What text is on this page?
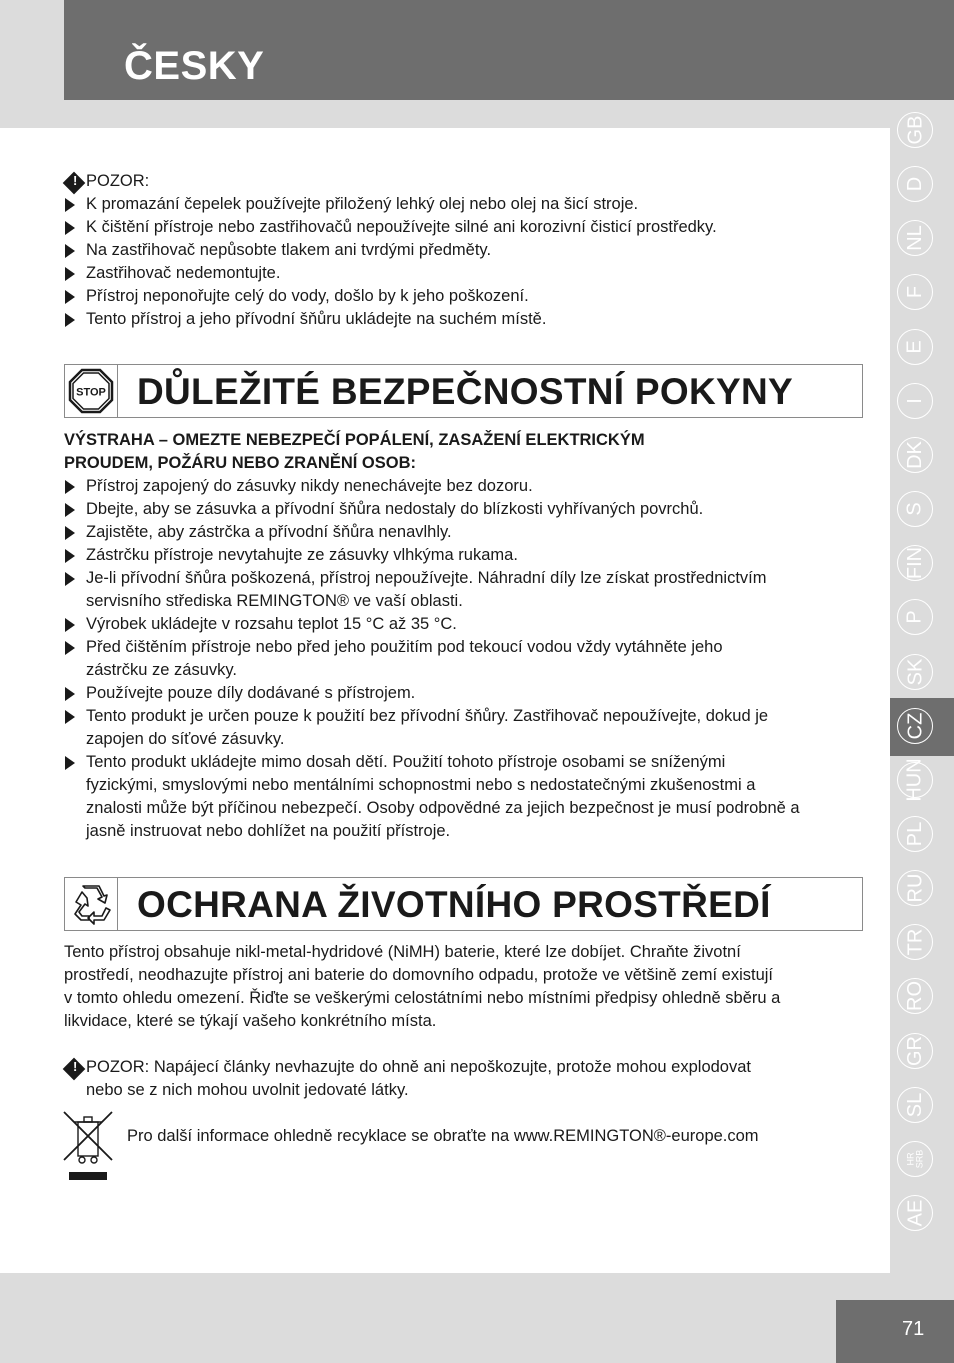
ČESKY
GB
D
NL
F
E
I
DK
S
FIN
P
SK
CZ
HUN
PL
RU
TR
RO
GR
SL
HR
SRB
AE
!
POZOR:
K promazání čepelek používejte přiložený lehký olej nebo olej na šicí stroje.
K čištění přístroje nebo zastřihovačů nepoužívejte silné ani korozivní čisticí prostředky.
Na zastřihovač nepůsobte tlakem ani tvrdými předměty.
Zastřihovač nedemontujte.
Přístroj neponořujte celý do vody, došlo by k jeho poškození.
Tento přístroj a jeho přívodní šňůru ukládejte na suchém místě.
STOP DŮLEŽITÉ BEZPEČNOSTNÍ POKYNY
VÝSTRAHA – OMEZTE NEBEZPEČÍ POPÁLENÍ, ZASAŽENÍ ELEKTRICKÝM
PROUDEM, POŽÁRU NEBO ZRANĚNÍ OSOB:
Přístroj zapojený do zásuvky nikdy nenechávejte bez dozoru.
Dbejte, aby se zásuvka a přívodní šňůra nedostaly do blízkosti vyhřívaných povrchů.
Zajistěte, aby zástrčka a přívodní šňůra nenavlhly.
Zástrčku přístroje nevytahujte ze zásuvky vlhkýma rukama.
Je-li přívodní šňůra poškozená, přístroj nepoužívejte. Náhradní díly lze získat prostřednictvím
servisního střediska REMINGTON® ve vaší oblasti.
Výrobek ukládejte v rozsahu teplot 15 °C až 35 °C.
Před čištěním přístroje nebo před jeho použitím pod tekoucí vodou vždy vytáhněte jeho
zástrčku ze zásuvky.
Používejte pouze díly dodávané s přístrojem.
Tento produkt je určen pouze k použití bez přívodní šňůry. Zastřihovač nepoužívejte, dokud je
zapojen do síťové zásuvky.
Tento produkt ukládejte mimo dosah dětí. Použití tohoto přístroje osobami se sníženými
fyzickými, smyslovými nebo mentálními schopnostmi nebo s nedostatečnými zkušenostmi a
znalosti může být příčinou nebezpečí. Osoby odpovědné za jejich bezpečnost je musí podrobně a
jasně instruovat nebo dohlížet na použití přístroje.
OCHRANA ŽIVOTNÍHO PROSTŘEDÍ
Tento přístroj obsahuje nikl-metal-hydridové (NiMH) baterie, které lze dobíjet. Chraňte životní
prostředí, neodhazujte přístroj ani baterie do domovního odpadu, protože ve většině zemí existují
v tomto ohledu omezení. Řiďte se veškerými celostátními nebo místními předpisy ohledně sběru a
likvidace, které se týkají vašeho konkrétního místa.
!
POZOR: Napájecí články nevhazujte do ohně ani nepoškozujte, protože mohou explodovat
nebo se z nich mohou uvolnit jedovaté látky.
Pro další informace ohledně recyklace se obraťte na www.REMINGTON®-europe.com
71
